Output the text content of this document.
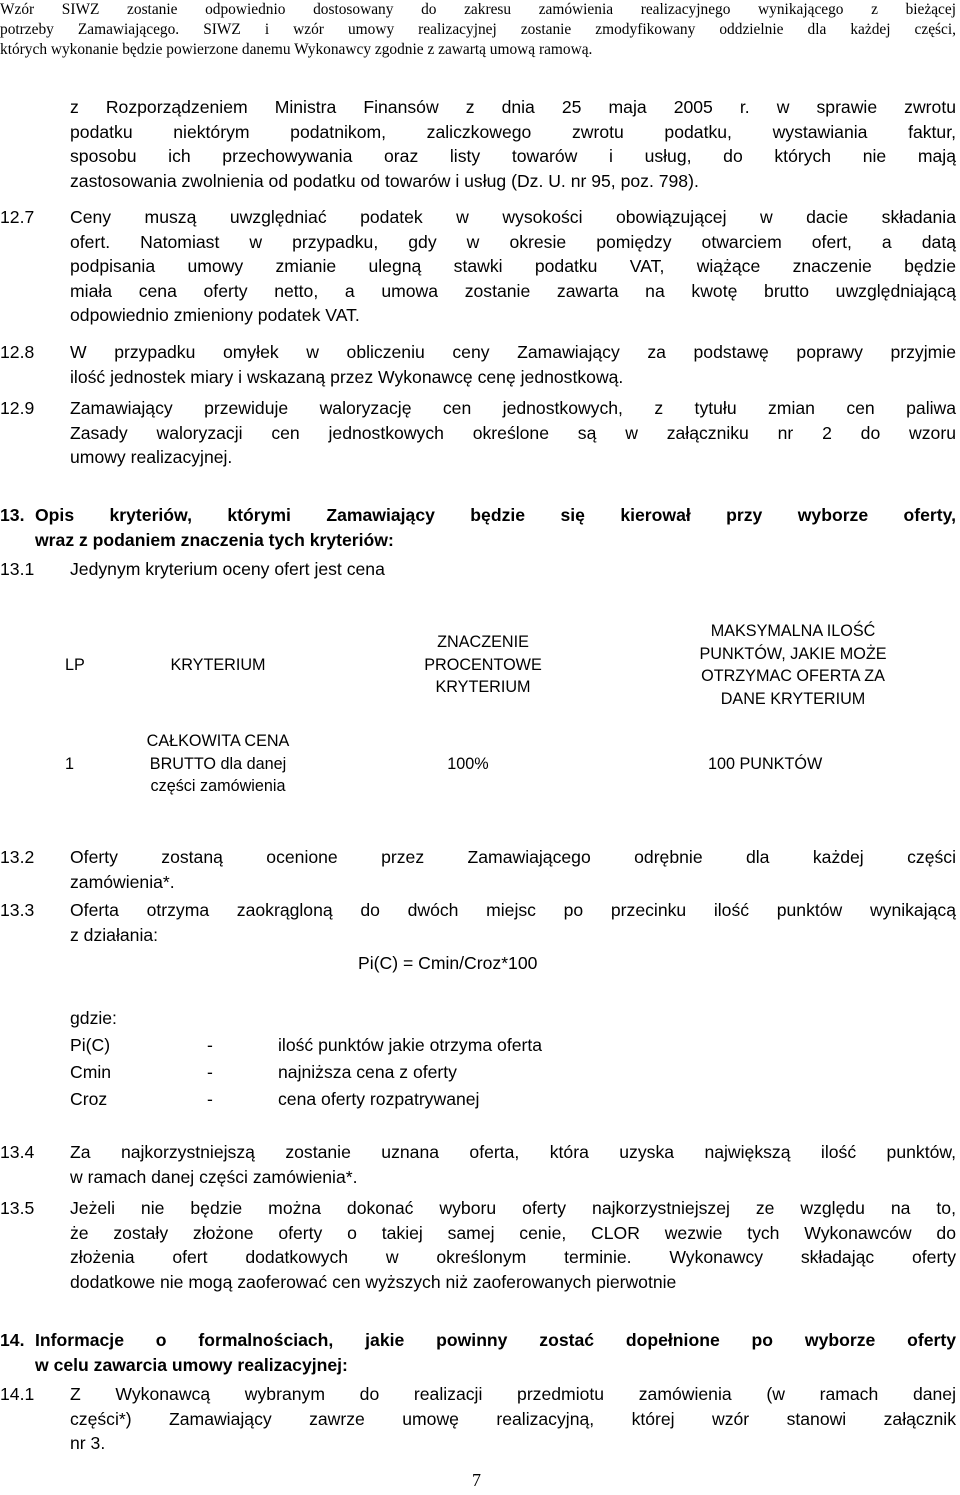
Wzór SIWZ zostanie odpowiednio dostosowany do zakresu zamówienia realizacyjnego wynikającego z bieżącej
potrzeby Zamawiającego. SIWZ i wzór umowy realizacyjnej zostanie zmodyfikowany oddzielnie dla każdej części,
których wykonanie będzie powierzone danemu Wykonawcy zgodnie z zawartą umową ramową.
z Rozporządzeniem Ministra Finansów z dnia 25 maja 2005 r. w sprawie zwrotu
podatku niektórym podatnikom, zaliczkowego zwrotu podatku, wystawiania faktur,
sposobu ich przechowywania oraz listy towarów i usług, do których nie mają
zastosowania zwolnienia od podatku od towarów i usług (Dz. U. nr 95, poz. 798).
12.7 Ceny muszą uwzględniać podatek w wysokości obowiązującej w dacie składania
ofert. Natomiast w przypadku, gdy w okresie pomiędzy otwarciem ofert, a datą
podpisania umowy zmianie ulegną stawki podatku VAT, wiążące znaczenie będzie
miała cena oferty netto, a umowa zostanie zawarta na kwotę brutto uwzględniającą
odpowiednio zmieniony podatek VAT.
12.8 W przypadku omyłek w obliczeniu ceny Zamawiający za podstawę poprawy przyjmie
ilość jednostek miary i wskazaną przez Wykonawcę cenę jednostkową.
12.9 Zamawiający przewiduje waloryzację cen jednostkowych, z tytułu zmian cen paliwa
Zasady waloryzacji cen jednostkowych określone są w załączniku nr 2 do wzoru
umowy realizacyjnej.
13. Opis kryteriów, którymi Zamawiający będzie się kierował przy wyborze oferty,
wraz z podaniem znaczenia tych kryteriów:
13.1 Jedynym kryterium oceny ofert jest cena
LP	KRYTERIUM	ZNACZENIE PROCENTOWE KRYTERIUM	MAKSYMALNA ILOŚĆ PUNKTÓW, JAKIE MOŻE OTRZYMAC OFERTA ZA DANE KRYTERIUM
1	CAŁKOWITA CENA BRUTTO dla danej części zamówienia	100%	100 PUNKTÓW
13.2 Oferty zostaną ocenione przez Zamawiającego odrębnie dla każdej części
zamówienia*.
13.3 Oferta otrzyma zaokrągloną do dwóch miejsc po przecinku ilość punktów wynikającą
z działania:
Pi(C) = Cmin/Croz*100
gdzie:
Pi(C)	-	ilość punktów jakie otrzyma oferta
Cmin	-	najniższa cena z oferty
Croz	-	cena oferty rozpatrywanej
13.4 Za najkorzystniejszą zostanie uznana oferta, która uzyska największą ilość punktów,
w ramach danej części zamówienia*.
13.5 Jeżeli nie będzie można dokonać wyboru oferty najkorzystniejszej ze względu na to,
że zostały złożone oferty o takiej samej cenie, CLOR wezwie tych Wykonawców do
złożenia ofert dodatkowych w określonym terminie. Wykonawcy składając oferty
dodatkowe nie mogą zaoferować cen wyższych niż zaoferowanych pierwotnie
14. Informacje o formalnościach, jakie powinny zostać dopełnione po wyborze oferty
w celu zawarcia umowy realizacyjnej:
14.1 Z Wykonawcą wybranym do realizacji przedmiotu zamówienia (w ramach danej
części*) Zamawiający zawrze umowę realizacyjną, której wzór stanowi załącznik
nr 3.
7
